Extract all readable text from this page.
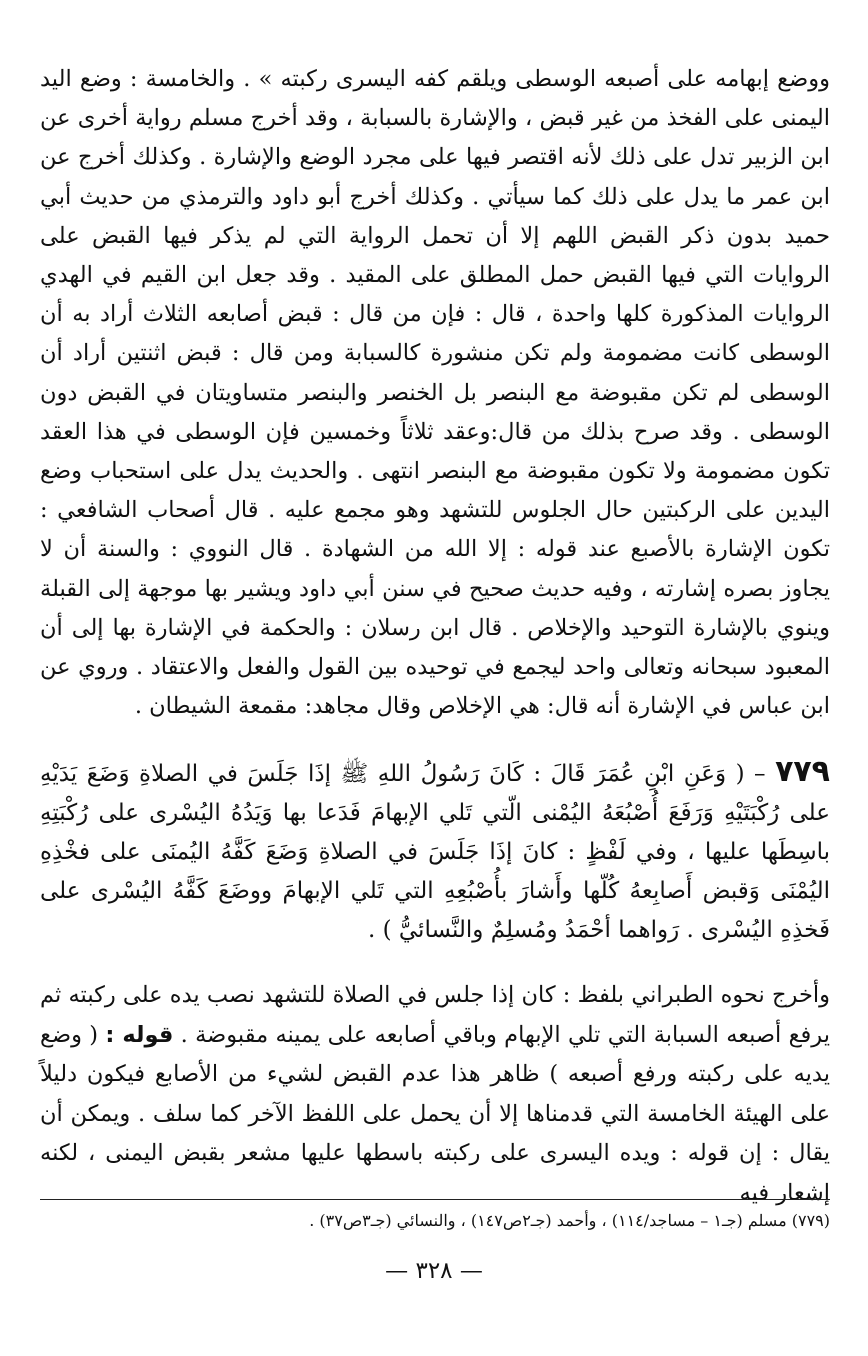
ووضع إبهامه على أصبعه الوسطى ويلقم كفه اليسرى ركبته » . والخامسة : وضع اليد اليمنى على الفخذ من غير قبض ، والإشارة بالسبابة ، وقد أخرج مسلم رواية أخرى عن ابن الزبير تدل على ذلك لأنه اقتصر فيها على مجرد الوضع والإشارة . وكذلك أخرج عن ابن عمر ما يدل على ذلك كما سيأتي . وكذلك أخرج أبو داود والترمذي من حديث أبي حميد بدون ذكر القبض اللهم إلا أن تحمل الرواية التي لم يذكر فيها القبض على الروايات التي فيها القبض حمل المطلق على المقيد . وقد جعل ابن القيم في الهدي الروايات المذكورة كلها واحدة ، قال : فإن من قال : قبض أصابعه الثلاث أراد به أن الوسطى كانت مضمومة ولم تكن منشورة كالسبابة ومن قال : قبض اثنتين أراد أن الوسطى لم تكن مقبوضة مع البنصر بل الخنصر والبنصر متساويتان في القبض دون الوسطى . وقد صرح بذلك من قال:وعقد ثلاثاً وخمسين فإن الوسطى في هذا العقد تكون مضمومة ولا تكون مقبوضة مع البنصر انتهى . والحديث يدل على استحباب وضع اليدين على الركبتين حال الجلوس للتشهد وهو مجمع عليه . قال أصحاب الشافعي : تكون الإشارة بالأصبع عند قوله : إلا الله من الشهادة . قال النووي : والسنة أن لا يجاوز بصره إشارته ، وفيه حديث صحيح في سنن أبي داود ويشير بها موجهة إلى القبلة وينوي بالإشارة التوحيد والإخلاص . قال ابن رسلان : والحكمة في الإشارة بها إلى أن المعبود سبحانه وتعالى واحد ليجمع في توحيده بين القول والفعل والاعتقاد . وروي عن ابن عباس في الإشارة أنه قال: هي الإخلاص وقال مجاهد: مقمعة الشيطان .

٧٧٩ – ( وَعَنِ ابْنِ عُمَرَ قَالَ : كَانَ رَسُولُ اللهِ ﷺ إذَا جَلَسَ في الصلاةِ وَضَعَ يَدَيْهِ على رُكْبَتَيْهِ وَرَفَعَ أُصْبُعَهُ اليُمْنى الّتي تَلي الإبهامَ فَدَعا بها وَيَدُهُ اليُسْرى على رُكْبَتِهِ باسِطَها عليها ، وفي لَفْظٍ : كانَ إذَا جَلَسَ في الصلاةِ وَضَعَ كَفَّهُ اليُمنَى على فخْذِهِ اليُمْنَى وَقبض أَصابِعهُ كُلّها وأَشارَ بأُصْبُعِهِ التي تَلي الإبهامَ ووضَعَ كَفَّهُ اليُسْرى على فَخذِهِ اليُسْرى . رَواهما أحْمَدُ ومُسلِمٌ والنَّسائيُّ ) .

وأخرج نحوه الطبراني بلفظ : كان إذا جلس في الصلاة للتشهد نصب يده على ركبته ثم يرفع أصبعه السبابة التي تلي الإبهام وباقي أصابعه على يمينه مقبوضة . قوله : ( وضع يديه على ركبته ورفع أصبعه ) ظاهر هذا عدم القبض لشيء من الأصابع فيكون دليلاً على الهيئة الخامسة التي قدمناها إلا أن يحمل على اللفظ الآخر كما سلف . ويمكن أن يقال : إن قوله : ويده اليسرى على ركبته باسطها عليها مشعر بقبض اليمنى ، لكنه إشعار فيه

(٧٧٩) مسلم (جـ١ – مساجد/١١٤) ، وأحمد (جـ٢ص١٤٧) ، والنسائي (جـ٣ص٣٧) .
— ٣٢٨ —
